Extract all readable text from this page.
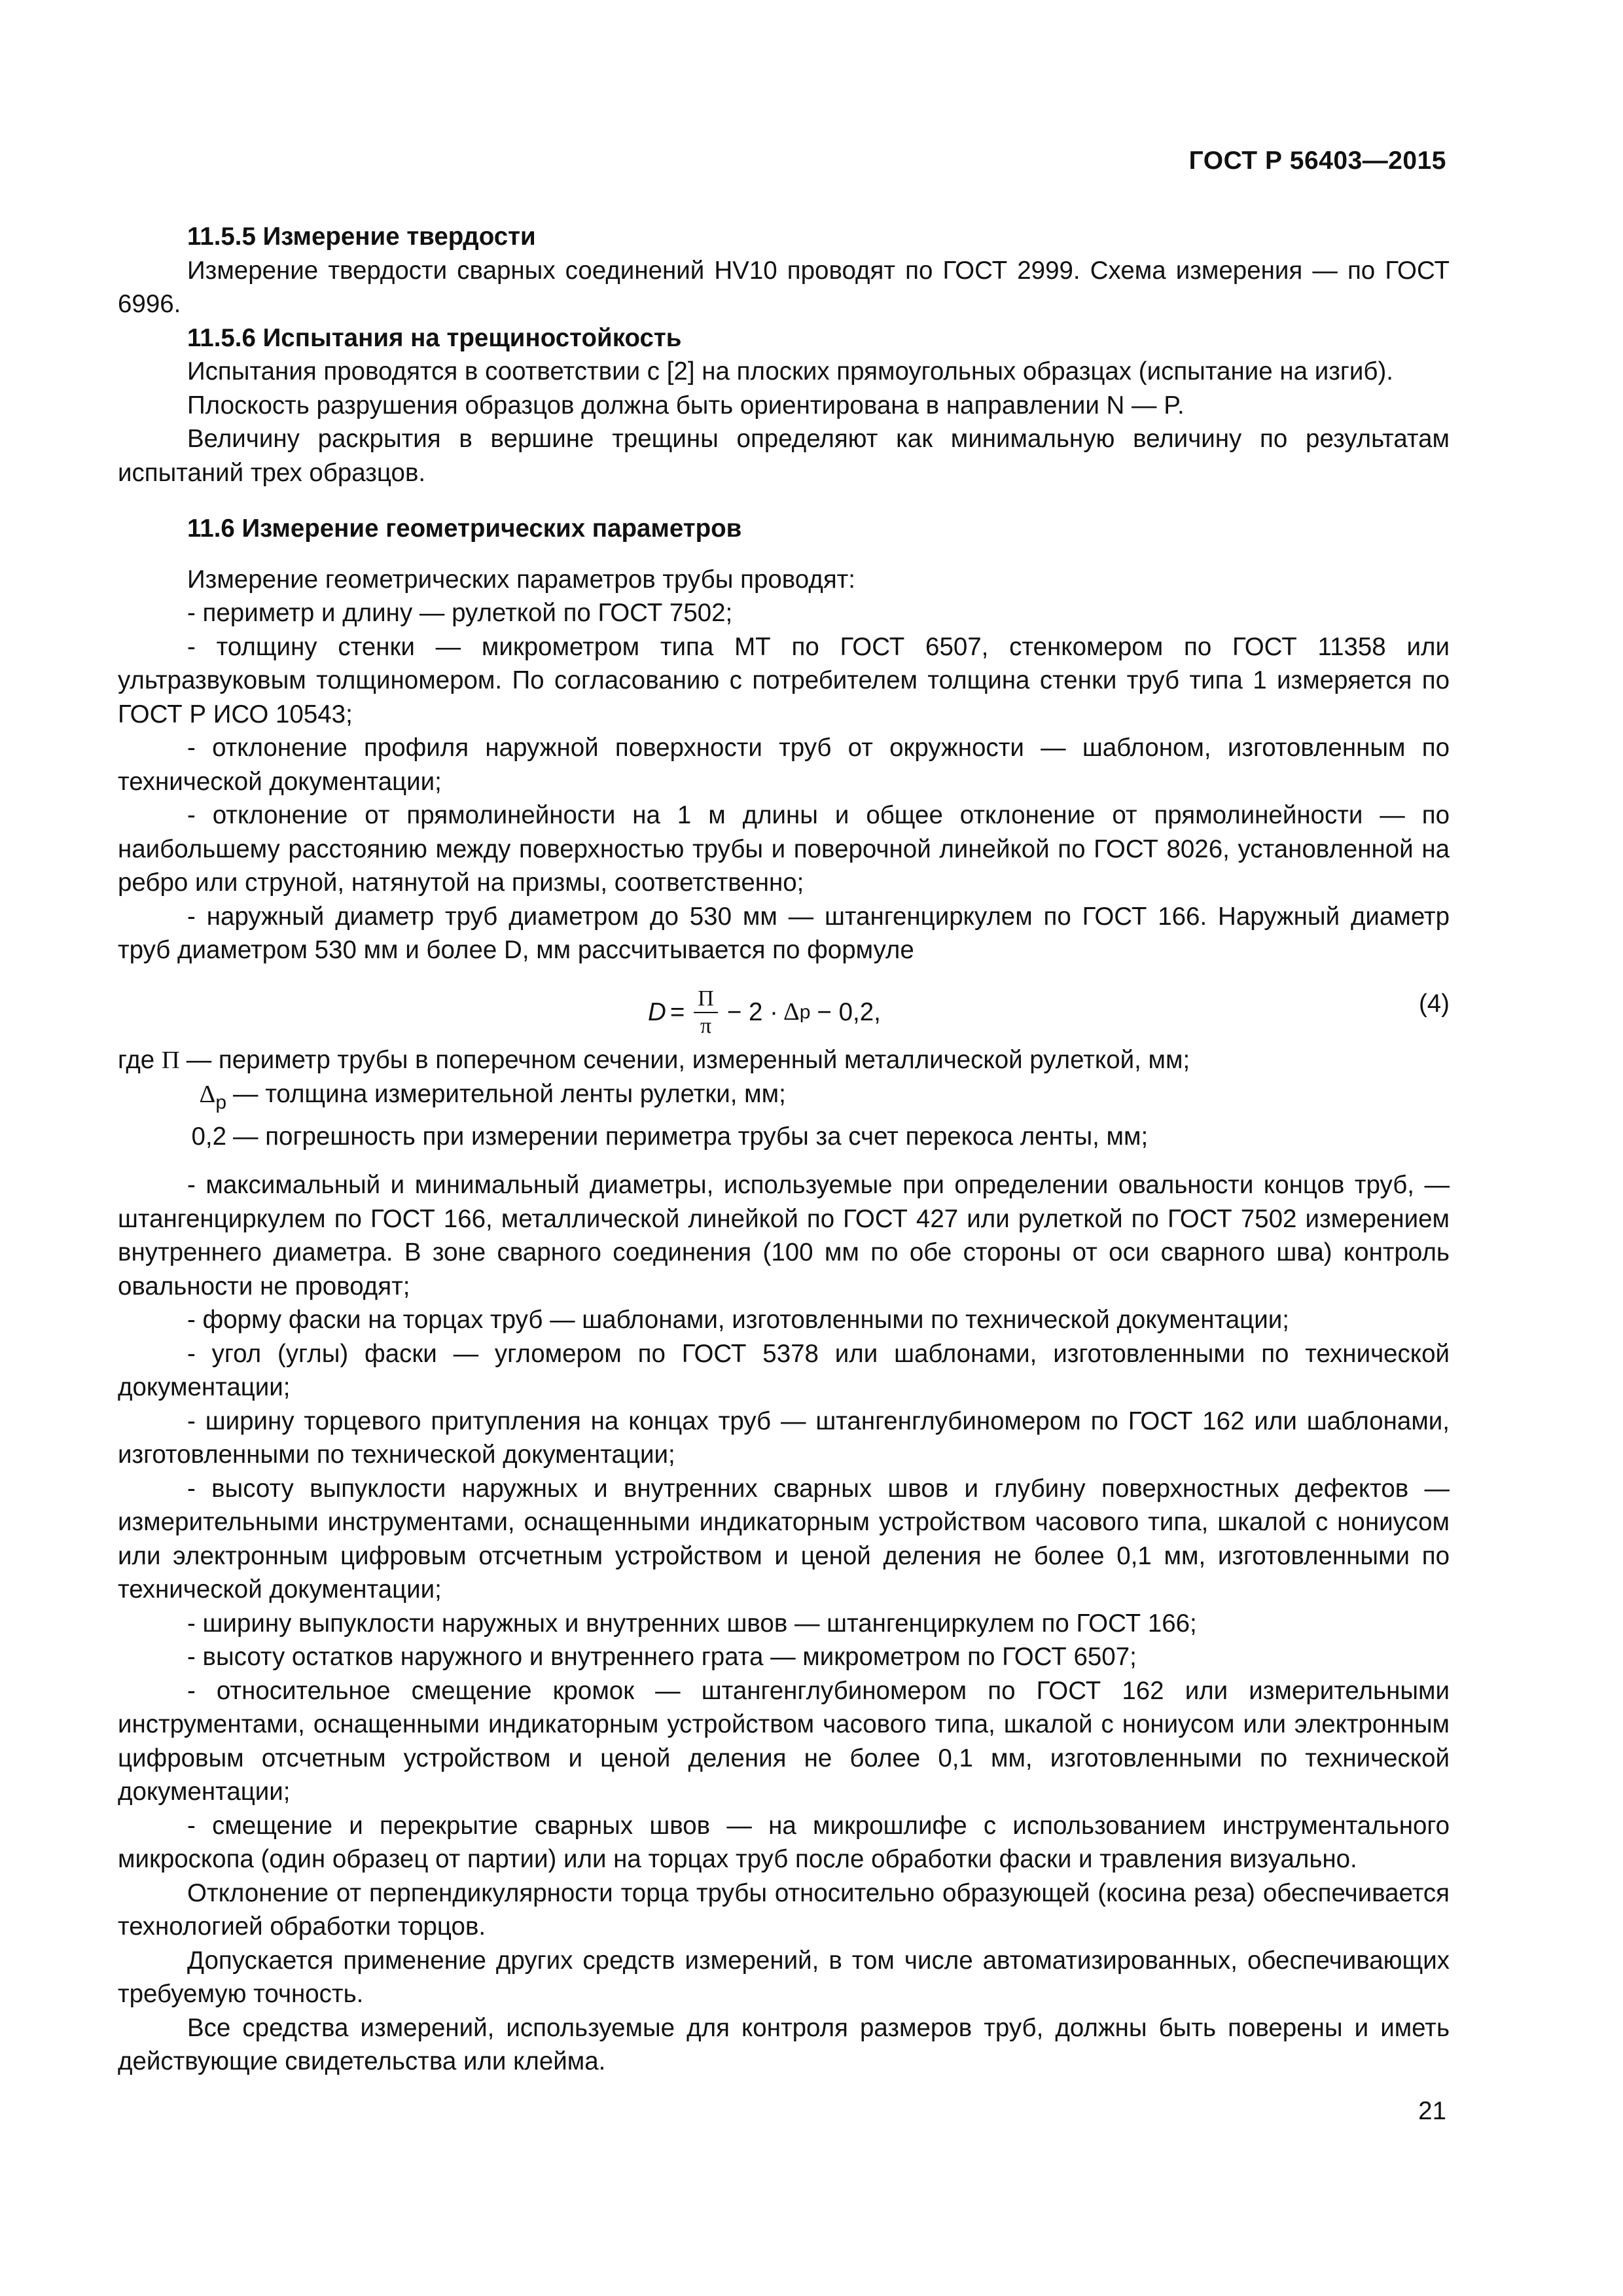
ГОСТ Р 56403—2015

11.5.5 Измерение твердости

Измерение твердости сварных соединений HV10 проводят по ГОСТ 2999. Схема измерения — по ГОСТ 6996.

11.5.6 Испытания на трещиностойкость

Испытания проводятся в соответствии с [2] на плоских прямоугольных образцах (испытание на изгиб).

Плоскость разрушения образцов должна быть ориентирована в направлении N — P.

Величину раскрытия в вершине трещины определяют как минимальную величину по результатам испытаний трех образцов.

11.6 Измерение геометрических параметров

Измерение геометрических параметров трубы проводят:

- периметр и длину — рулеткой по ГОСТ 7502;

- толщину стенки — микрометром типа МТ по ГОСТ 6507, стенкомером по ГОСТ 11358 или ультразвуковым толщиномером. По согласованию с потребителем толщина стенки труб типа 1 измеряется по ГОСТ Р ИСО 10543;

- отклонение профиля наружной поверхности труб от окружности — шаблоном, изготовленным по технической документации;

- отклонение от прямолинейности на 1 м длины и общее отклонение от прямолинейности — по наибольшему расстоянию между поверхностью трубы и поверочной линейкой по ГОСТ 8026, установленной на ребро или струной, натянутой на призмы, соответственно;

- наружный диаметр труб диаметром до 530 мм — штангенциркулем по ГОСТ 166. Наружный диаметр труб диаметром 530 мм и более D, мм рассчитывается по формуле

$D = \frac{\Pi}{\pi} - 2 \cdot \Delta$ p − 0,2,	(4)
где Π — периметр трубы в поперечном сечении, измеренный металлической рулеткой, мм;
$\Delta_p$ — толщина измерительной ленты рулетки, мм;
0,2 — погрешность при измерении периметра трубы за счет перекоса ленты, мм;

- максимальный и минимальный диаметры, используемые при определении овальности концов труб, — штангенциркулем по ГОСТ 166, металлической линейкой по ГОСТ 427 или рулеткой по ГОСТ 7502 измерением внутреннего диаметра. В зоне сварного соединения (100 мм по обе стороны от оси сварного шва) контроль овальности не проводят;

- форму фаски на торцах труб — шаблонами, изготовленными по технической документации;

- угол (углы) фаски — угломером по ГОСТ 5378 или шаблонами, изготовленными по технической документации;

- ширину торцевого притупления на концах труб — штангенглубиномером по ГОСТ 162 или шаблонами, изготовленными по технической документации;

- высоту выпуклости наружных и внутренних сварных швов и глубину поверхностных дефектов — измерительными инструментами, оснащенными индикаторным устройством часового типа, шкалой с нониусом или электронным цифровым отсчетным устройством и ценой деления не более 0,1 мм, изготовленными по технической документации;

- ширину выпуклости наружных и внутренних швов — штангенциркулем по ГОСТ 166;

- высоту остатков наружного и внутреннего грата — микрометром по ГОСТ 6507;

- относительное смещение кромок — штангенглубиномером по ГОСТ 162 или измерительными инструментами, оснащенными индикаторным устройством часового типа, шкалой с нониусом или электронным цифровым отсчетным устройством и ценой деления не более 0,1 мм, изготовленными по технической документации;

- смещение и перекрытие сварных швов — на микрошлифе с использованием инструментального микроскопа (один образец от партии) или на торцах труб после обработки фаски и травления визуально.

Отклонение от перпендикулярности торца трубы относительно образующей (косина реза) обеспечивается технологией обработки торцов.

Допускается применение других средств измерений, в том числе автоматизированных, обеспечивающих требуемую точность.

Все средства измерений, используемые для контроля размеров труб, должны быть поверены и иметь действующие свидетельства или клейма.

21
